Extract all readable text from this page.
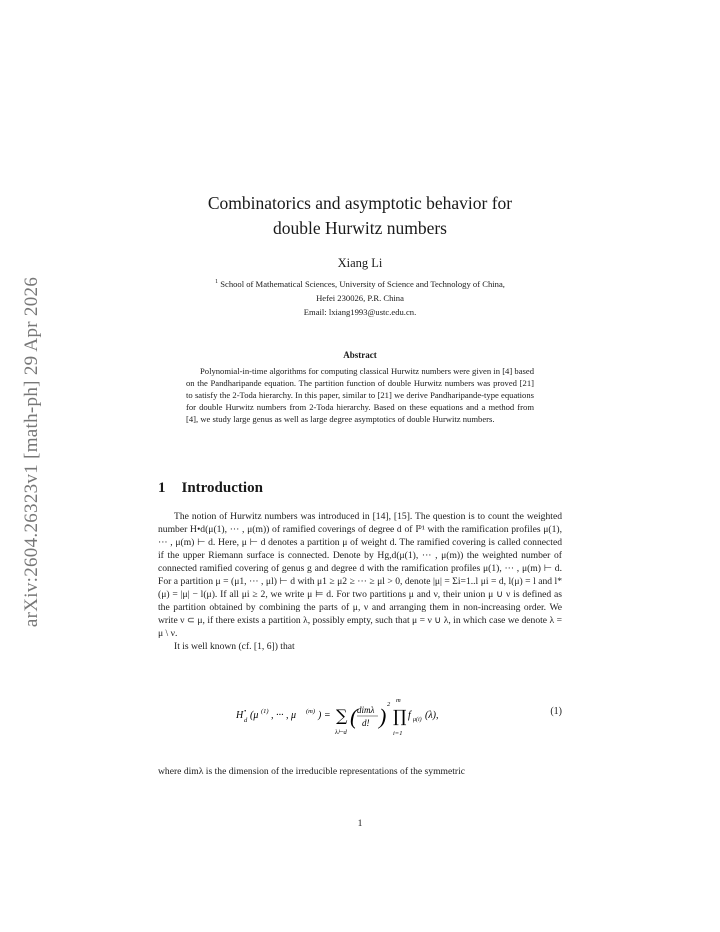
arXiv:2604.26323v1 [math-ph] 29 Apr 2026
Combinatorics and asymptotic behavior for
double Hurwitz numbers
Xiang Li
$^1$ School of Mathematical Sciences, University of Science and Technology of China,
Hefei 230026, P.R. China
Email: lxiang1993@ustc.edu.cn.
Abstract
Polynomial-in-time algorithms for computing classical Hurwitz numbers were given in [4] based on the Pandharipande equation. The partition function of double Hurwitz numbers was proved [21] to satisfy the 2-Toda hierarchy. In this paper, similar to [21] we derive Pandharipande-type equations for double Hurwitz numbers from 2-Toda hierarchy. Based on these equations and a method from [4], we study large genus as well as large degree asymptotics of double Hurwitz numbers.
1 Introduction

The notion of Hurwitz numbers was introduced in [14], [15]. The question is to count the weighted number H•d(μ(1), ··· , μ(m)) of ramified coverings of degree d of ℙ¹ with the ramification profiles μ(1), ··· , μ(m) ⊢ d. Here, μ ⊢ d denotes a partition μ of weight d. The ramified covering is called connected if the upper Riemann surface is connected. Denote by Hg,d(μ(1), ··· , μ(m)) the weighted number of connected ramified covering of genus g and degree d with the ramification profiles μ(1), ··· , μ(m) ⊢ d. For a partition μ = (μ1, ··· , μl) ⊢ d with μ1 ≥ μ2 ≥ ··· ≥ μl > 0, denote |μ| = Σi=1..l μi = d, l(μ) = l and l*(μ) = |μ| − l(μ). If all μi ≥ 2, we write μ ⊨ d. For two partitions μ and ν, their union μ ∪ ν is defined as the partition obtained by combining the parts of μ, ν and arranging them in non-increasing order. We write ν ⊂ μ, if there exists a partition λ, possibly empty, such that μ = ν ∪ λ, in which case we denote λ = μ \ ν.

It is well known (cf. [1, 6]) that

H •
d (μ (1) , ··· , μ (m) ) = ∑
λ⊢d
( dimλ
d! ) 2
∏
m
i=1
f μ(i) (λ),	(1)
where dimλ is the dimension of the irreducible representations of the symmetric
1
